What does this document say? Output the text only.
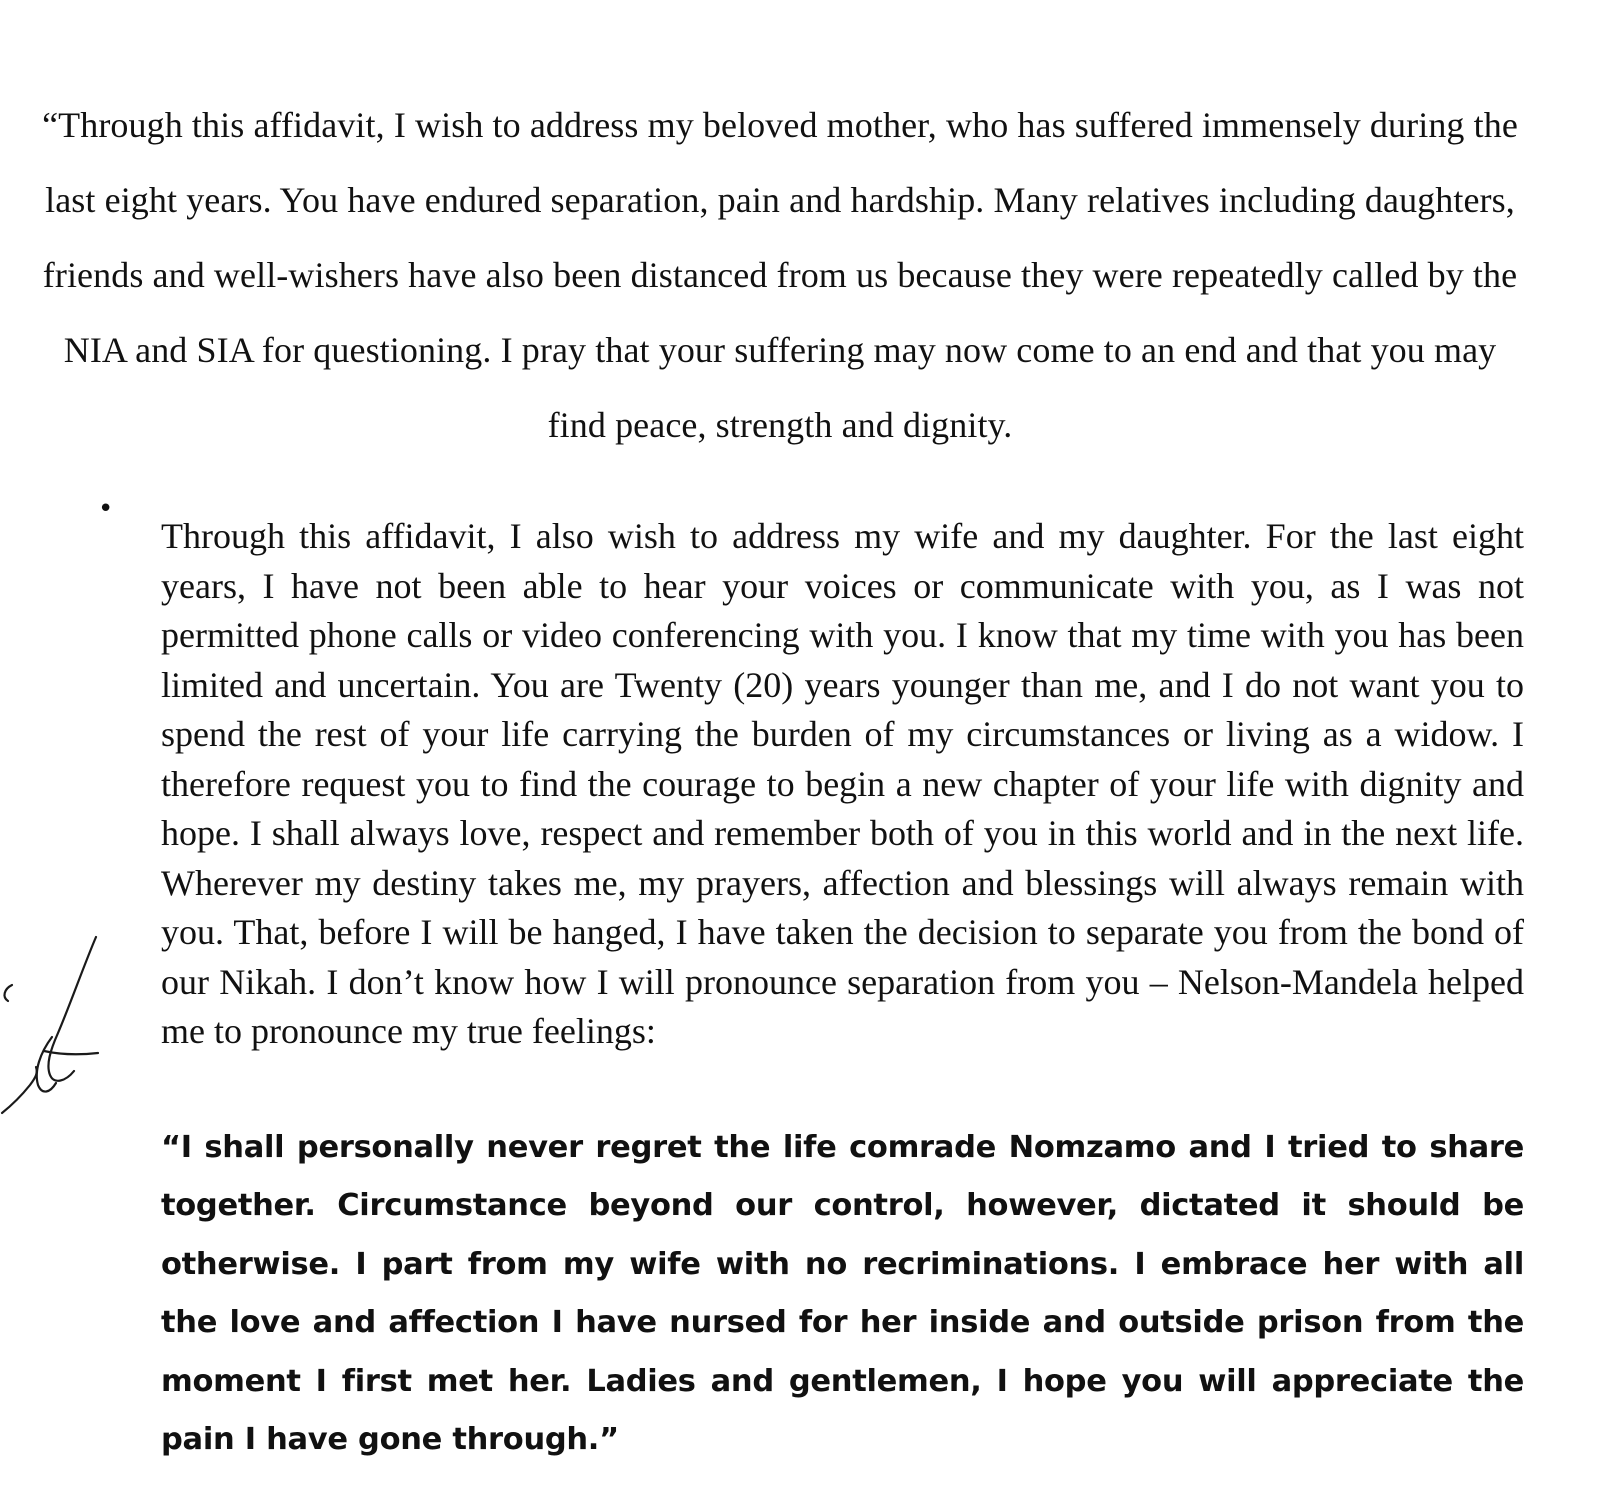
“Through this affidavit, I wish to address my beloved mother, who has suffered immensely during the last eight years. You have endured separation, pain and hardship. Many relatives including daughters, friends and well-wishers have also been distanced from us because they were repeatedly called by the NIA and SIA for questioning. I pray that your suffering may now come to an end and that you may find peace, strength and dignity.

•

Through this affidavit, I also wish to address my wife and my daughter. For the last eight years, I have not been able to hear your voices or communicate with you, as I was not permitted phone calls or video conferencing with you. I know that my time with you has been limited and uncertain. You are Twenty (20) years younger than me, and I do not want you to spend the rest of your life carrying the burden of my circumstances or living as a widow. I therefore request you to find the courage to begin a new chapter of your life with dignity and hope. I shall always love, respect and remember both of you in this world and in the next life. Wherever my destiny takes me, my prayers, affection and blessings will always remain with you. That, before I will be hanged, I have taken the decision to separate you from the bond of our Nikah. I don’t know how I will pronounce separation from you – Nelson-Mandela helped me to pronounce my true feelings:

“I shall personally never regret the life comrade Nomzamo and I tried to share together. Circumstance beyond our control, however, dictated it should be otherwise. I part from my wife with no recriminations. I embrace her with all the love and affection I have nursed for her inside and outside prison from the moment I first met her. Ladies and gentlemen, I hope you will appreciate the pain I have gone through.”
